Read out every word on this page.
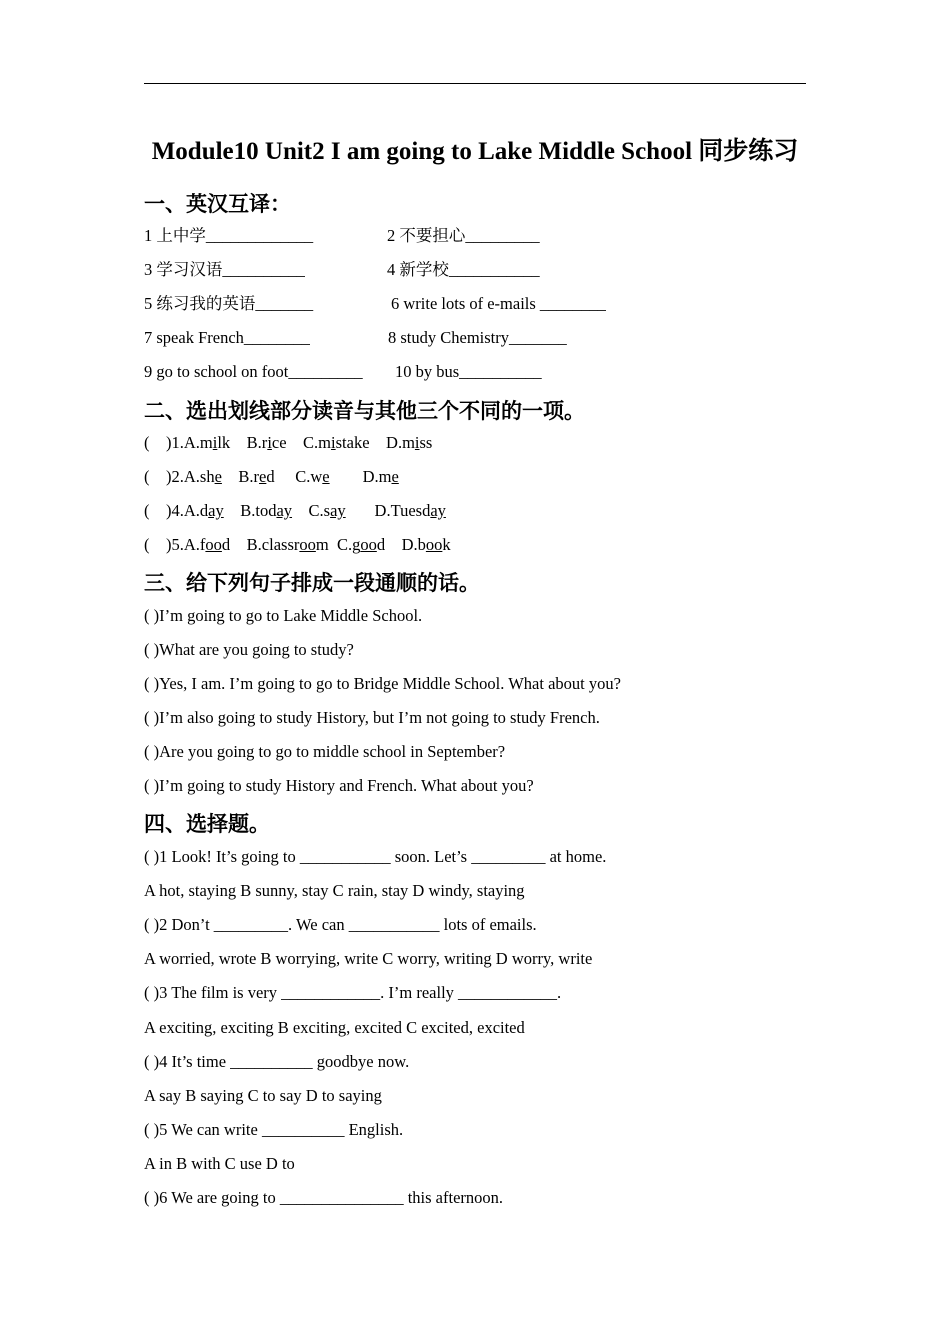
Module10 Unit2 I am going to Lake Middle School 同步练习
一、英汉互译：
1 上中学_____________	2 不要担心_________
3 学习汉语__________	4 新学校___________
5 练习我的英语_______	6 write lots of e-mails ________
7 speak French________	8 study Chemistry_______
9 go to school on foot_________ 10 by bus__________
二、选出划线部分读音与其他三个不同的一项。
(    )1.A.milk    B.rice    C.mistake    D.miss
(    )2.A.she    B.red     C.we        D.me
(    )4.A.day    B.today    C.say       D.Tuesday
(    )5.A.food    B.classroom  C.good    D.book
三、给下列句子排成一段通顺的话。
( )I’m going to go to Lake Middle School.
( )What are you going to study?
( )Yes, I am. I’m going to go to Bridge Middle School. What about you?
( )I’m also going to study History, but I’m not going to study French.
( )Are you going to go to middle school in September?
( )I’m going to study History and French. What about you?
四、选择题。
( )1 Look! It’s going to ___________ soon. Let’s _________ at home.
A hot, staying B sunny, stay C rain, stay D windy, staying
( )2 Don’t _________. We can ___________ lots of emails.
A worried, wrote B worrying, write C worry, writing D worry, write
( )3 The film is very ____________. I’m really ____________.
A exciting, exciting B exciting, excited C excited, excited
( )4 It’s time __________ goodbye now.
A say B saying C to say D to saying
( )5 We can write __________ English.
A in B with C use D to
( )6 We are going to _______________ this afternoon.
